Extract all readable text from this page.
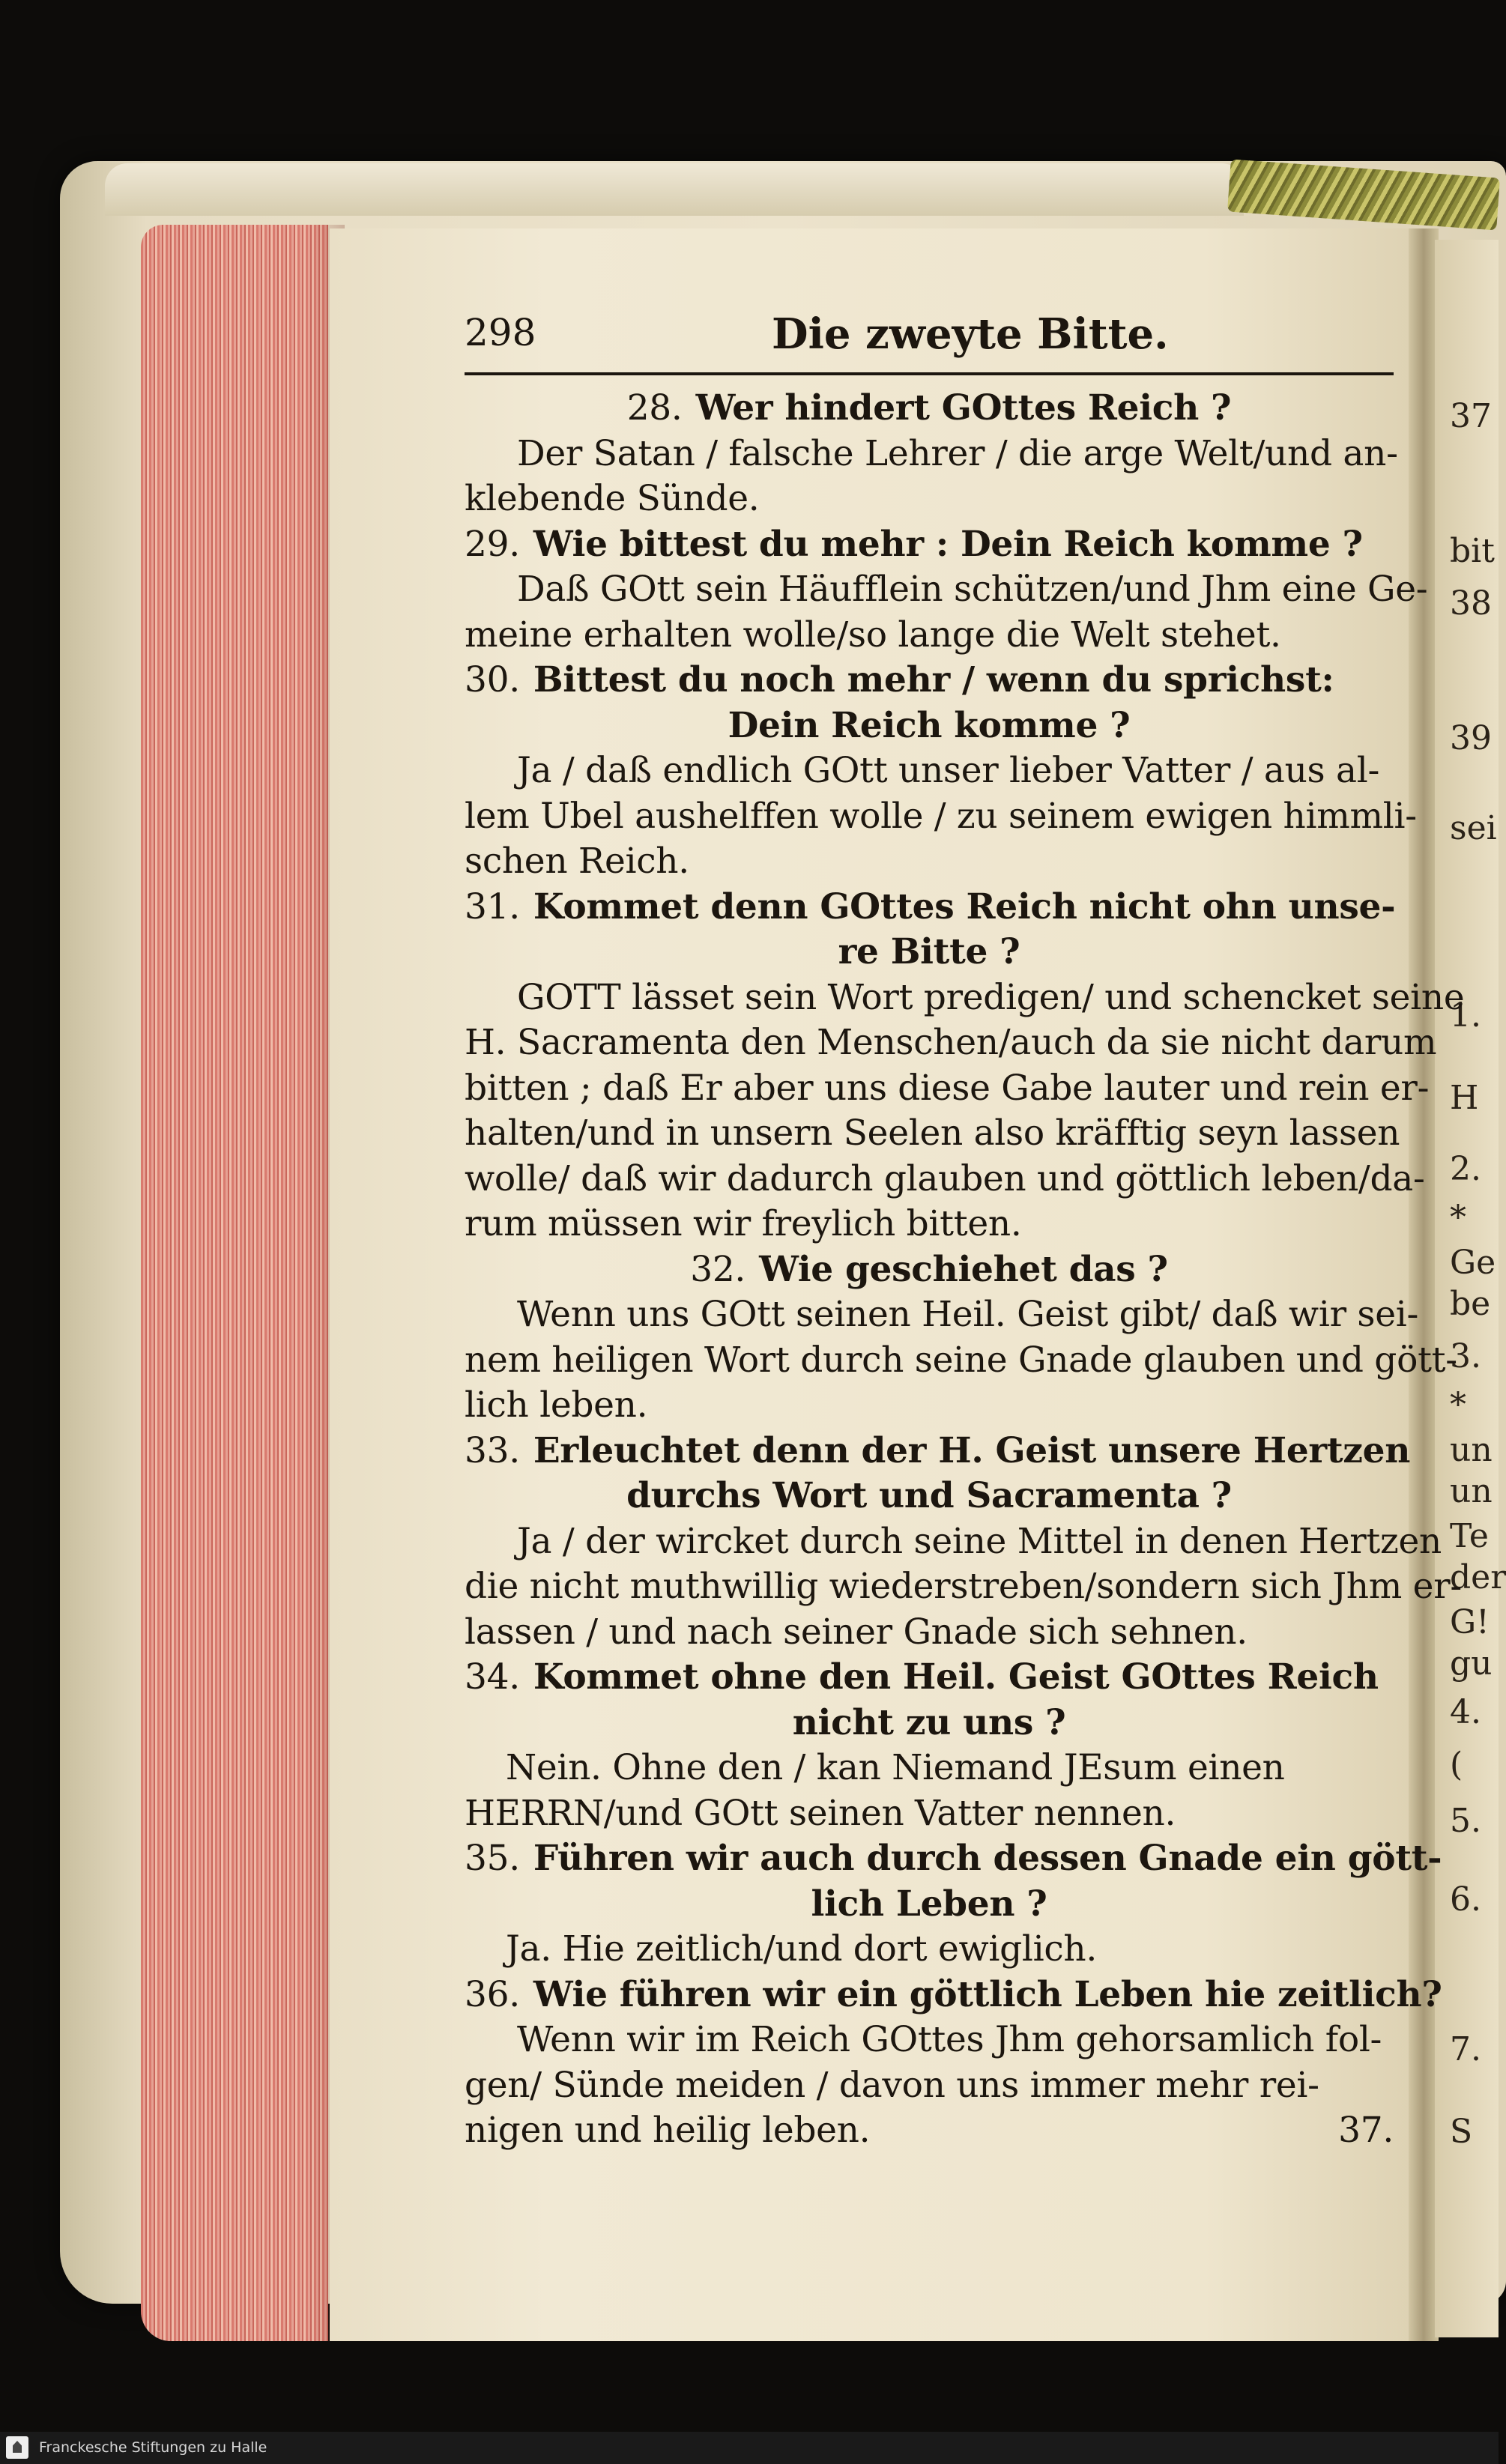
37
bit
38
39
sei
1.
H
2.
*
Ge
be
3.
*
un
un
Te
der
G!
gu
4.
(
5.
6.
7.
S
298	Die zweyte Bitte.
28. Wer hindert GOttes Reich ?
Der Satan / falsche Lehrer / die arge Welt/und an-
klebende Sünde.
29. Wie bittest du mehr : Dein Reich komme ?
Daß GOtt sein Häufflein schützen/und Jhm eine Ge-
meine erhalten wolle/so lange die Welt stehet.
30. Bittest du noch mehr / wenn du sprichst:
Dein Reich komme ?
Ja / daß endlich GOtt unser lieber Vatter / aus al-
lem Ubel aushelffen wolle / zu seinem ewigen himmli-
schen Reich.
31. Kommet denn GOttes Reich nicht ohn unse-
re Bitte ?
GOTT lässet sein Wort predigen/ und schencket seine
H. Sacramenta den Menschen/auch da sie nicht darum
bitten ; daß Er aber uns diese Gabe lauter und rein er-
halten/und in unsern Seelen also kräfftig seyn lassen
wolle/ daß wir dadurch glauben und göttlich leben/da-
rum müssen wir freylich bitten.
32. Wie geschiehet das ?
Wenn uns GOtt seinen Heil. Geist gibt/ daß wir sei-
nem heiligen Wort durch seine Gnade glauben und gött-
lich leben.
33. Erleuchtet denn der H. Geist unsere Hertzen
durchs Wort und Sacramenta ?
Ja / der wircket durch seine Mittel in denen Hertzen
die nicht muthwillig wiederstreben/sondern sich Jhm er-
lassen / und nach seiner Gnade sich sehnen.
34. Kommet ohne den Heil. Geist GOttes Reich
nicht zu uns ?
Nein. Ohne den / kan Niemand JEsum einen
HERRN/und GOtt seinen Vatter nennen.
35. Führen wir auch durch dessen Gnade ein gött-
lich Leben ?
Ja. Hie zeitlich/und dort ewiglich.
36. Wie führen wir ein göttlich Leben hie zeitlich?
Wenn wir im Reich GOttes Jhm gehorsamlich fol-
gen/ Sünde meiden / davon uns immer mehr rei-
nigen und heilig leben.	37.
Franckesche Stiftungen zu Halle
